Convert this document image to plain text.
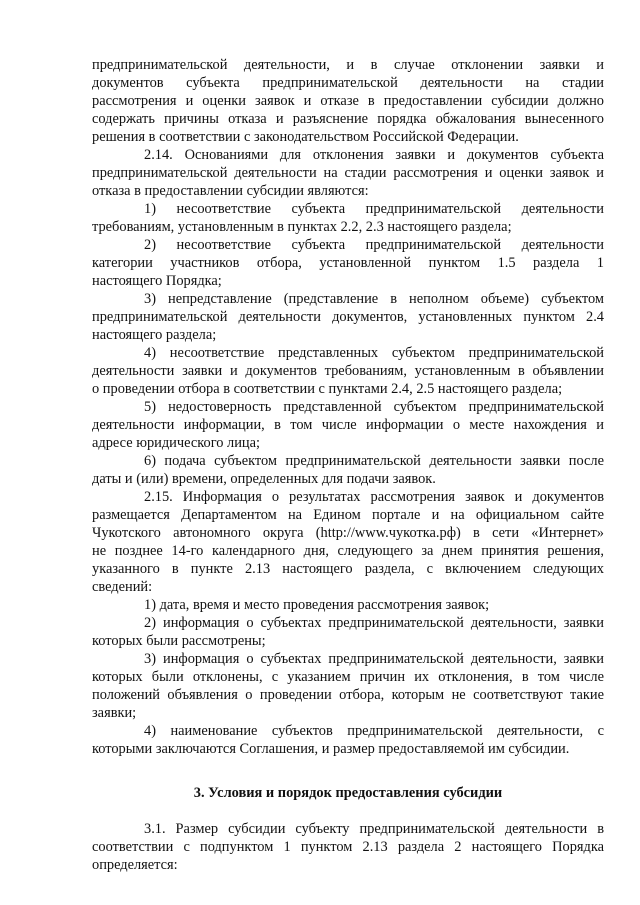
предпринимательской деятельности, и в случае отклонении заявки и
документов субъекта предпринимательской деятельности на стадии
рассмотрения и оценки заявок и отказе в предоставлении субсидии должно
содержать причины отказа и разъяснение порядка обжалования вынесенного
решения в соответствии с законодательством Российской Федерации.
2.14. Основаниями для отклонения заявки и документов субъекта
предпринимательской деятельности на стадии рассмотрения и оценки заявок и
отказа в предоставлении субсидии являются:
1) несоответствие субъекта предпринимательской деятельности
требованиям, установленным в пунктах 2.2, 2.3 настоящего раздела;
2) несоответствие субъекта предпринимательской деятельности
категории участников отбора, установленной пунктом 1.5 раздела 1
настоящего Порядка;
3) непредставление (представление в неполном объеме) субъектом
предпринимательской деятельности документов, установленных пунктом 2.4
настоящего раздела;
4) несоответствие представленных субъектом предпринимательской
деятельности заявки и документов требованиям, установленным в объявлении
о проведении отбора в соответствии с пунктами 2.4, 2.5 настоящего раздела;
5) недостоверность представленной субъектом предпринимательской
деятельности информации, в том числе информации о месте нахождения и
адресе юридического лица;
6) подача субъектом предпринимательской деятельности заявки после
даты и (или) времени, определенных для подачи заявок.
2.15. Информация о результатах рассмотрения заявок и документов
размещается Департаментом на Едином портале и на официальном сайте
Чукотского автономного округа (http://www.чукотка.рф) в сети «Интернет»
не позднее 14-го календарного дня, следующего за днем принятия решения,
указанного в пункте 2.13 настоящего раздела, с включением следующих
сведений:
1) дата, время и место проведения рассмотрения заявок;
2) информация о субъектах предпринимательской деятельности, заявки
которых были рассмотрены;
3) информация о субъектах предпринимательской деятельности, заявки
которых были отклонены, с указанием причин их отклонения, в том числе
положений объявления о проведении отбора, которым не соответствуют такие
заявки;
4) наименование субъектов предпринимательской деятельности, с
которыми заключаются Соглашения, и размер предоставляемой им субсидии.
3. Условия и порядок предоставления субсидии
3.1. Размер субсидии субъекту предпринимательской деятельности в
соответствии с подпунктом 1 пунктом 2.13 раздела 2 настоящего Порядка
определяется:
